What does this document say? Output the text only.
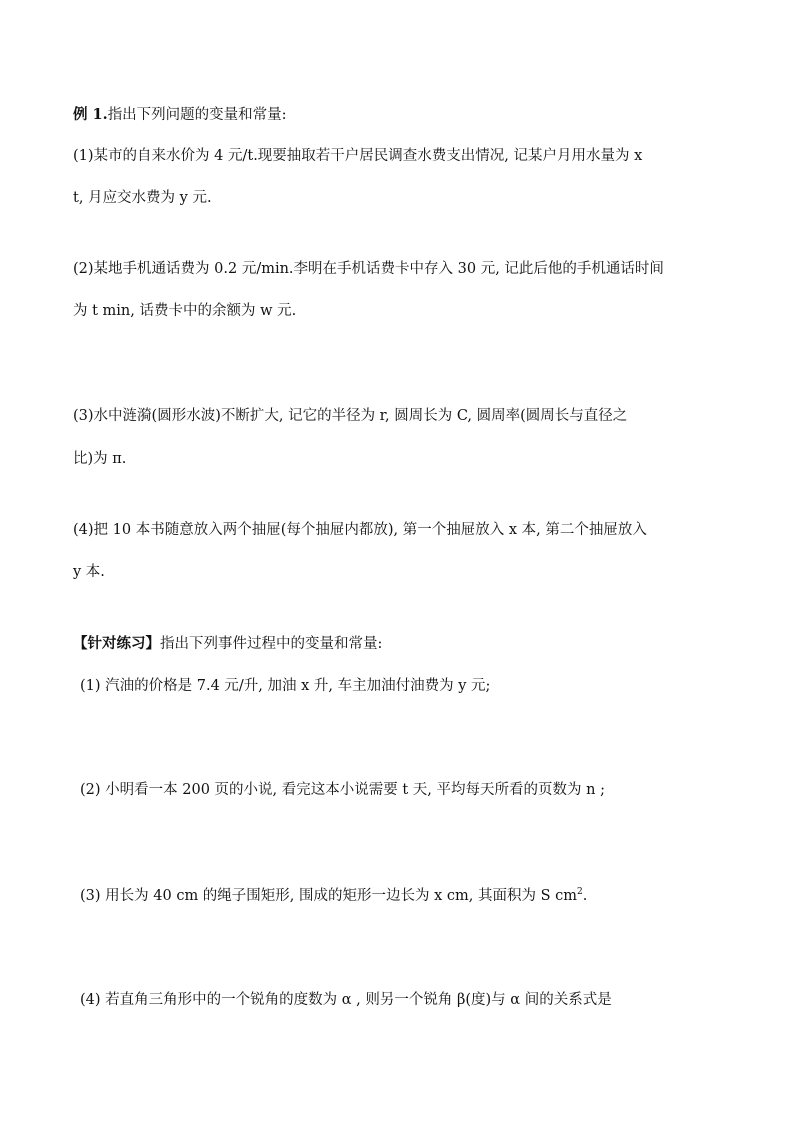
例 1.指出下列问题的变量和常量:
(1)某市的自来水价为 4 元/t.现要抽取若干户居民调查水费支出情况, 记某户月用水量为 x
t, 月应交水费为 y 元.
(2)某地手机通话费为 0.2 元/min.李明在手机话费卡中存入 30 元, 记此后他的手机通话时间
为 t min, 话费卡中的余额为 w 元.
(3)水中涟漪(圆形水波)不断扩大, 记它的半径为 r, 圆周长为 C, 圆周率(圆周长与直径之
比)为 π.
(4)把 10 本书随意放入两个抽屉(每个抽屉内都放), 第一个抽屉放入 x 本, 第二个抽屉放入
y 本.
【针对练习】指出下列事件过程中的变量和常量:
(1) 汽油的价格是 7.4 元/升, 加油 x 升, 车主加油付油费为 y 元;
(2) 小明看一本 200 页的小说, 看完这本小说需要 t 天, 平均每天所看的页数为 n ;
(3) 用长为 40 cm 的绳子围矩形, 围成的矩形一边长为 x cm, 其面积为 S $cm^2$.
(4) 若直角三角形中的一个锐角的度数为 α , 则另一个锐角 β(度)与 α 间的关系式是
